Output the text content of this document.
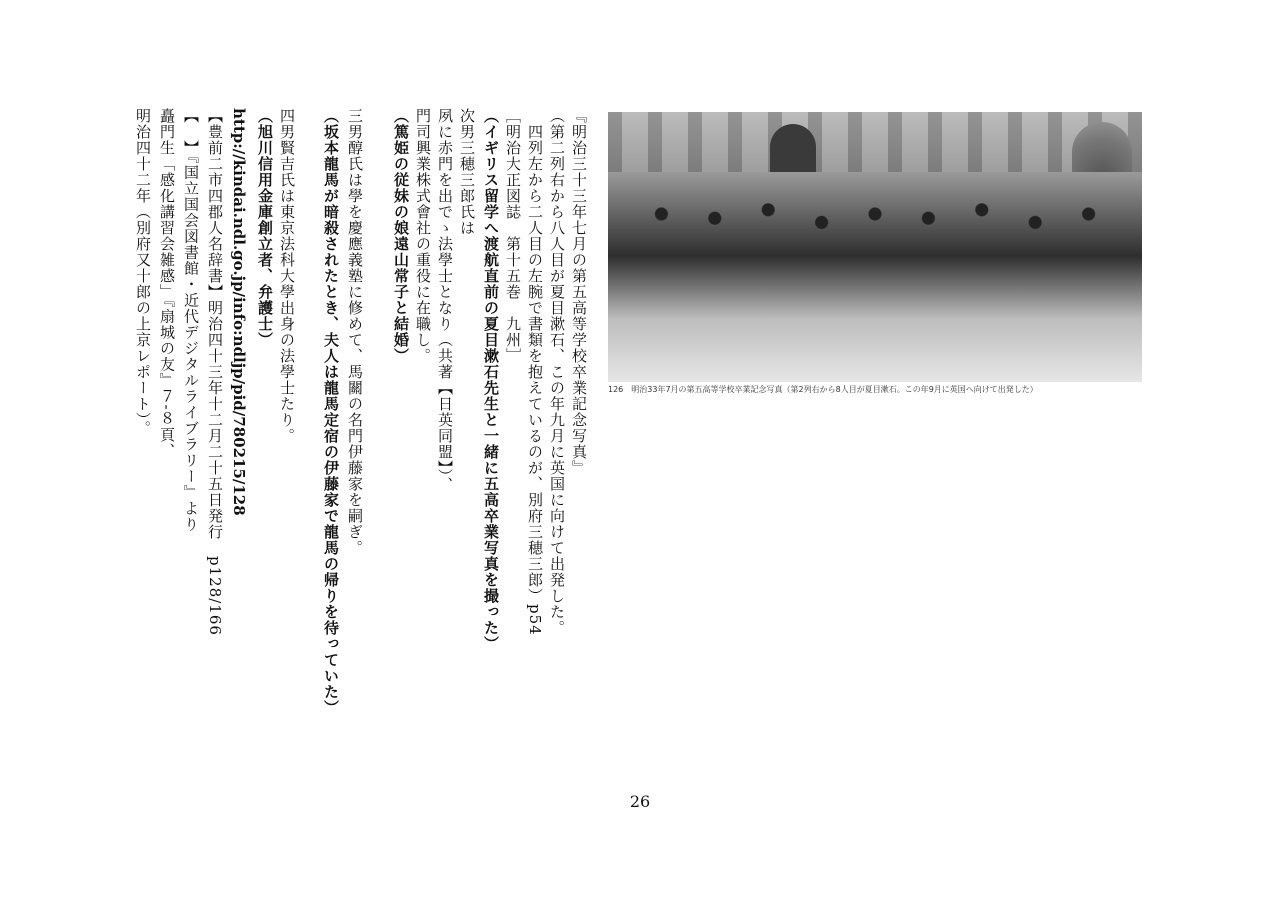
126　明治33年7月の第五高等学校卒業記念写真（第2列右から8人目が夏目漱石。この年9月に英国へ向けて出発した）
『明治三十三年七月の第五高等学校卒業記念写真』
（第二列右から八人目が夏目漱石、この年九月に英国に向けて出発した。
　四列左から二人目の左腕で書類を抱えているのが、別府三穂三郎）p54
［明治大正図誌　第十五巻　九州］
（イギリス留学へ渡航直前の夏目漱石先生と一緒に五高卒業写真を撮った）
次男三穂三郎氏は
夙に赤門を出でゝ法學士となり（共著【日英同盟】）、
門司興業株式會社の重役に在職し。
（篤姫の従妹の娘遠山常子と結婚）
三男醇氏は學を慶應義塾に修めて、馬關の名門伊藤家を嗣ぎ。
（坂本龍馬が暗殺されたとき、夫人は龍馬定宿の伊藤家で龍馬の帰りを待っていた）
四男賢吉氏は東京法科大學出身の法學士たり。
（旭川信用金庫創立者、弁護士）
http://kindai.ndl.go.jp/info:ndljp/pid/780215/128
【豊前二市四郡人名辞書】明治四十三年十二月二十五日発行　p128/166
【　】『国立国会図書館・近代デジタルライブラリー』より
矗門生「感化講習会雑感」『扇城の友』７-８頁、
明治四十二年（別府又十郎の上京レポート）。
26
